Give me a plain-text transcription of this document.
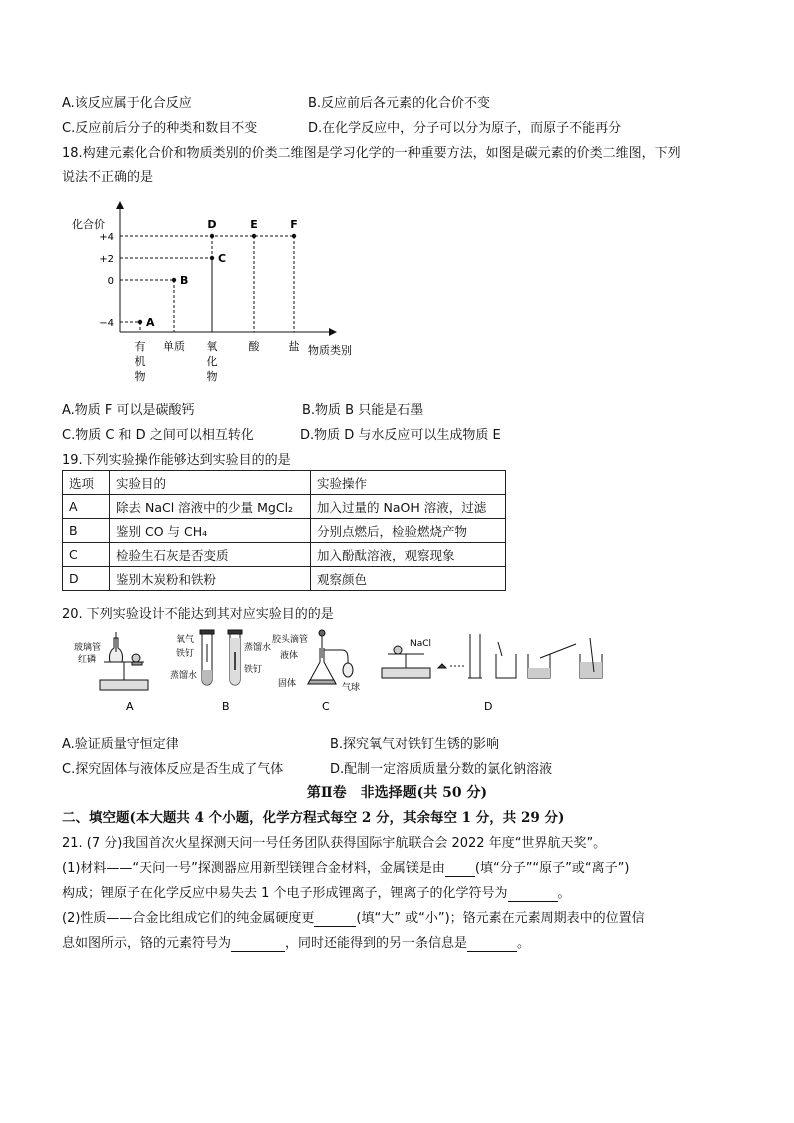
A.该反应属于化合反应	B.反应前后各元素的化合价不变
C.反应前后分子的种类和数目不变	D.在化学反应中，分子可以分为原子，而原子不能再分
18.构建元素化合价和物质类别的价类二维图是学习化学的一种重要方法，如图是碳元素的价类二维图，下列
说法不正确的是
化合价
物质类别
+4
+2
0
−4
有
机
物
单质 氧
化
物
酸	盐
A
B
C
D	E	F
A.物质 F 可以是碳酸钙	B.物质 B 只能是石墨
C.物质 C 和 D 之间可以相互转化	D.物质 D 与水反应可以生成物质 E
19.下列实验操作能够达到实验目的的是
选项	实验目的	实验操作
A	除去 NaCl 溶液中的少量 MgCl₂	加入过量的 NaOH 溶液，过滤
B	鉴别 CO 与 CH₄	分别点燃后，检验燃烧产物
C	检验生石灰是否变质	加入酚酞溶液，观察现象
D	鉴别木炭粉和铁粉	观察颜色
20. 下列实验设计不能达到其对应实验目的的是
玻璃管
红磷
A
氧气
铁钉
蒸馏水
蒸馏水
铁钉
B
胶头滴管
液体
固体	气球
C
NaCl
D
A.验证质量守恒定律	B.探究氧气对铁钉生锈的影响
C.探究固体与液体反应是否生成了气体	D.配制一定溶质质量分数的氯化钠溶液
第Ⅱ卷　非选择题(共 50 分)
二、填空题(本大题共 4 个小题，化学方程式每空 2 分，其余每空 1 分，共 29 分)
21. (7 分)我国首次火星探测天问一号任务团队获得国际宇航联合会 2022 年度“世界航天奖”。
(1)材料——“天问一号”探测器应用新型镁锂合金材料，金属镁是由 (填“分子”“原子”或“离子”)
构成；锂原子在化学反应中易失去 1 个电子形成锂离子，锂离子的化学符号为	。
(2)性质——合金比组成它们的纯金属硬度更	(填“大” 或“小”)；铬元素在元素周期表中的位置信
息如图所示，铬的元素符号为	，同时还能得到的另一条信息是	。
